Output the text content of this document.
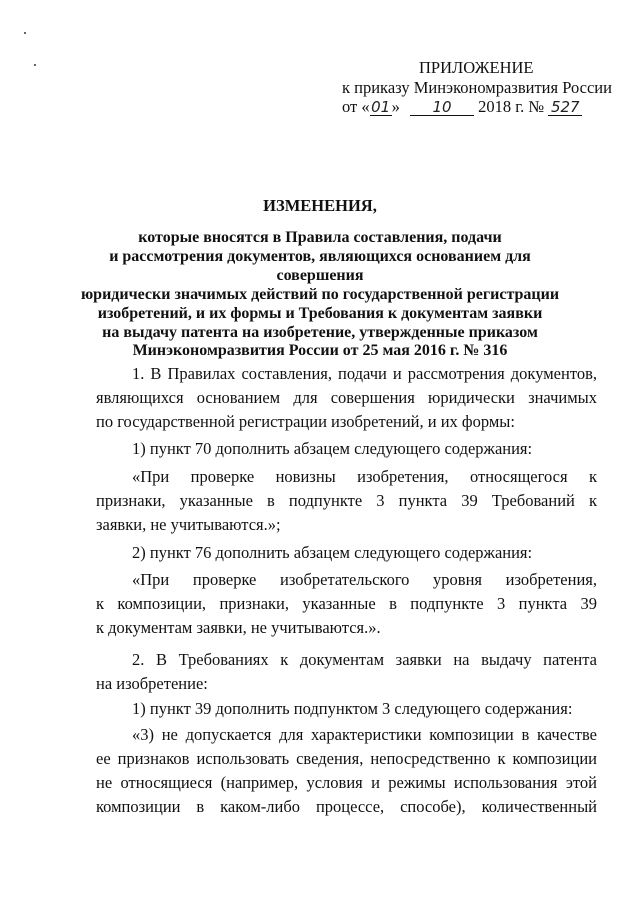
ПРИЛОЖЕНИЕ
к приказу Минэкономразвития России
от «01» 10 2018 г. № 527
ИЗМЕНЕНИЯ,
которые вносятся в Правила составления, подачи
и рассмотрения документов, являющихся основанием для совершения
юридически значимых действий по государственной регистрации
изобретений, и их формы и Требования к документам заявки
на выдачу патента на изобретение, утвержденные приказом
Минэкономразвития России от 25 мая 2016 г. № 316
1. В Правилах составления, подачи и рассмотрения документов,
являющихся основанием для совершения юридически значимых
по государственной регистрации изобретений, и их формы:
1) пункт 70 дополнить абзацем следующего содержания:
«При проверке новизны изобретения, относящегося к
признаки, указанные в подпункте 3 пункта 39 Требований к
заявки, не учитываются.»;
2) пункт 76 дополнить абзацем следующего содержания:
«При проверке изобретательского уровня изобретения,
к композиции, признаки, указанные в подпункте 3 пункта 39
к документам заявки, не учитываются.».
2. В Требованиях к документам заявки на выдачу патента
на изобретение:
1) пункт 39 дополнить подпунктом 3 следующего содержания:
«3) не допускается для характеристики композиции в качестве
ее признаков использовать сведения, непосредственно к композиции
не относящиеся (например, условия и режимы использования этой
композиции в каком-либо процессе, способе), количественный
